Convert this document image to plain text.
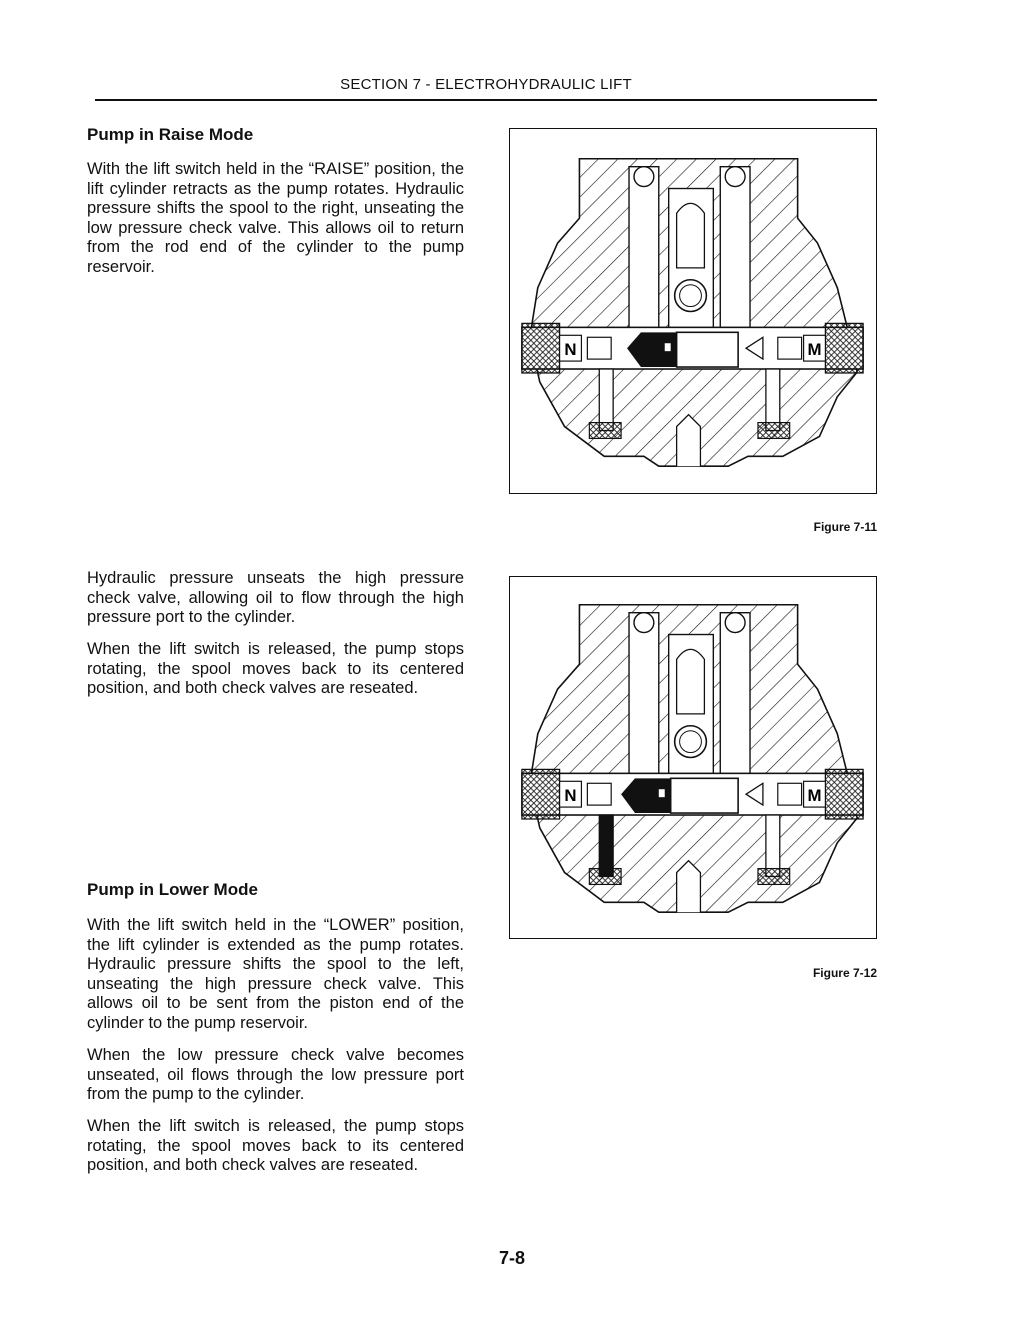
SECTION 7 - ELECTROHYDRAULIC LIFT
Pump in Raise Mode
With the lift switch held in the “RAISE” position, the lift cylinder retracts as the pump rotates. Hydraulic pressure shifts the spool to the right, unseating the low pressure check valve. This allows oil to return from the rod end of the cylinder to the pump reservoir.
Hydraulic pressure unseats the high pressure check valve, allowing oil to flow through the high pressure port to the cylinder.
When the lift switch is released, the pump stops rotating, the spool moves back to its centered position, and both check valves are reseated.
Pump in Lower Mode
With the lift switch held in the “LOWER” position, the lift cylinder is extended as the pump rotates. Hydraulic pressure shifts the spool to the left, unseating the high pressure check valve. This allows oil to be sent from the piston end of the cylinder to the pump reservoir.
When the low pressure check valve becomes unseated, oil flows through the low pressure port from the pump to the cylinder.
When the lift switch is released, the pump stops rotating, the spool moves back to its centered position, and both check valves are reseated.
N	M
Figure 7-11
N	M
Figure 7-12
7-8
